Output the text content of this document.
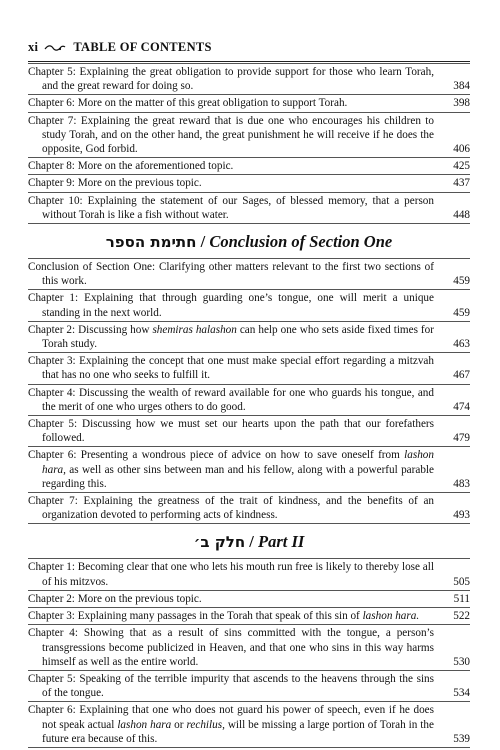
xi	TABLE OF CONTENTS
Chapter 5: Explaining the great obligation to provide support for those who learn Torah, and the great reward for doing so.	384
Chapter 6: More on the matter of this great obligation to support Torah.	398
Chapter 7: Explaining the great reward that is due one who encourages his children to study Torah, and on the other hand, the great punishment he will receive if he does the opposite, God forbid.	406
Chapter 8: More on the aforementioned topic.	425
Chapter 9: More on the previous topic.	437
Chapter 10: Explaining the statement of our Sages, of blessed memory, that a person without Torah is like a fish without water.	448
חתימת הספר / Conclusion of Section One
Conclusion of Section One: Clarifying other matters relevant to the first two sections of this work.	459
Chapter 1: Explaining that through guarding one’s tongue, one will merit a unique standing in the next world.	459
Chapter 2: Discussing how shemiras halashon can help one who sets aside fixed times for Torah study.	463
Chapter 3: Explaining the concept that one must make special effort regarding a mitzvah that has no one who seeks to fulfill it.	467
Chapter 4: Discussing the wealth of reward available for one who guards his tongue, and the merit of one who urges others to do good.	474
Chapter 5: Discussing how we must set our hearts upon the path that our forefathers followed.	479
Chapter 6: Presenting a wondrous piece of advice on how to save oneself from lashon hara, as well as other sins between man and his fellow, along with a powerful parable regarding this.	483
Chapter 7: Explaining the greatness of the trait of kindness, and the benefits of an organization devoted to performing acts of kindness.	493
חלק ב׳ / Part II
Chapter 1: Becoming clear that one who lets his mouth run free is likely to thereby lose all of his mitzvos.	505
Chapter 2: More on the previous topic.	511
Chapter 3: Explaining many passages in the Torah that speak of this sin of lashon hara.	522
Chapter 4: Showing that as a result of sins committed with the tongue, a person’s transgressions become publicized in Heaven, and that one who sins in this way harms himself as well as the entire world.	530
Chapter 5: Speaking of the terrible impurity that ascends to the heavens through the sins of the tongue.	534
Chapter 6: Explaining that one who does not guard his power of speech, even if he does not speak actual lashon hara or rechilus, will be missing a large portion of Torah in the future era because of this.	539
